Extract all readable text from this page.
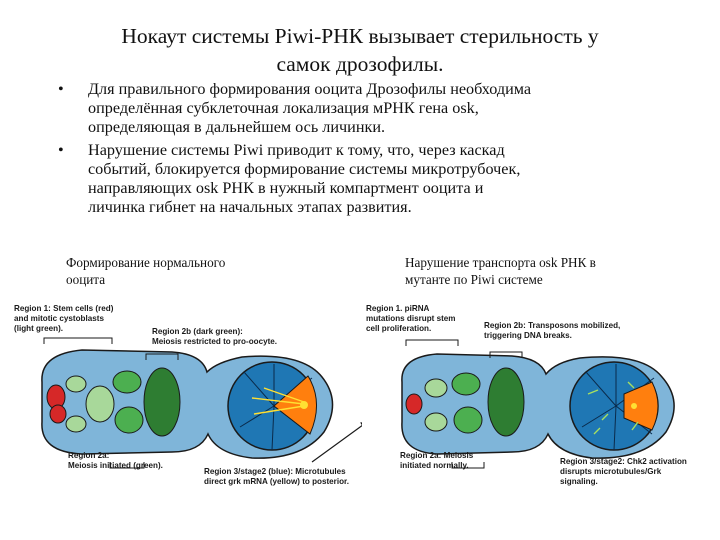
Нокаут системы Piwi-РНК вызывает стерильность у
самок дрозофилы.
• Для правильного формирования ооцита Дрозофилы необходима
определённая субклеточная локализация мРНК гена osk,
определяющая в дальнейшем ось личинки.
• Нарушение системы Piwi приводит к тому, что, через каскад
событий, блокируется формирование системы микротрубочек,
направляющих osk РНК в нужный компартмент ооцита и
личинка гибнет на начальных этапах развития.
Формирование нормального
ооцита
Нарушение транспорта osk РНК в
мутанте по Piwi системе
Region 1: Stem cells (red)
and mitotic cystoblasts
(light green).	Region 2b (dark green):
Meiosis restricted to pro-oocyte.
Region 2a:
Meiosis initiated (green).
Region 3/stage2 (blue): Microtubules
direct grk mRNA (yellow) to posterior.
Region 1. piRNA
mutations disrupt stem
cell proliferation.	Region 2b: Transposons mobilized,
triggering DNA breaks.
Region 2a: Meiosis
initiated normally.	Region 3/stage2: Chk2 activation
disrupts microtubules/Grk
signaling.
